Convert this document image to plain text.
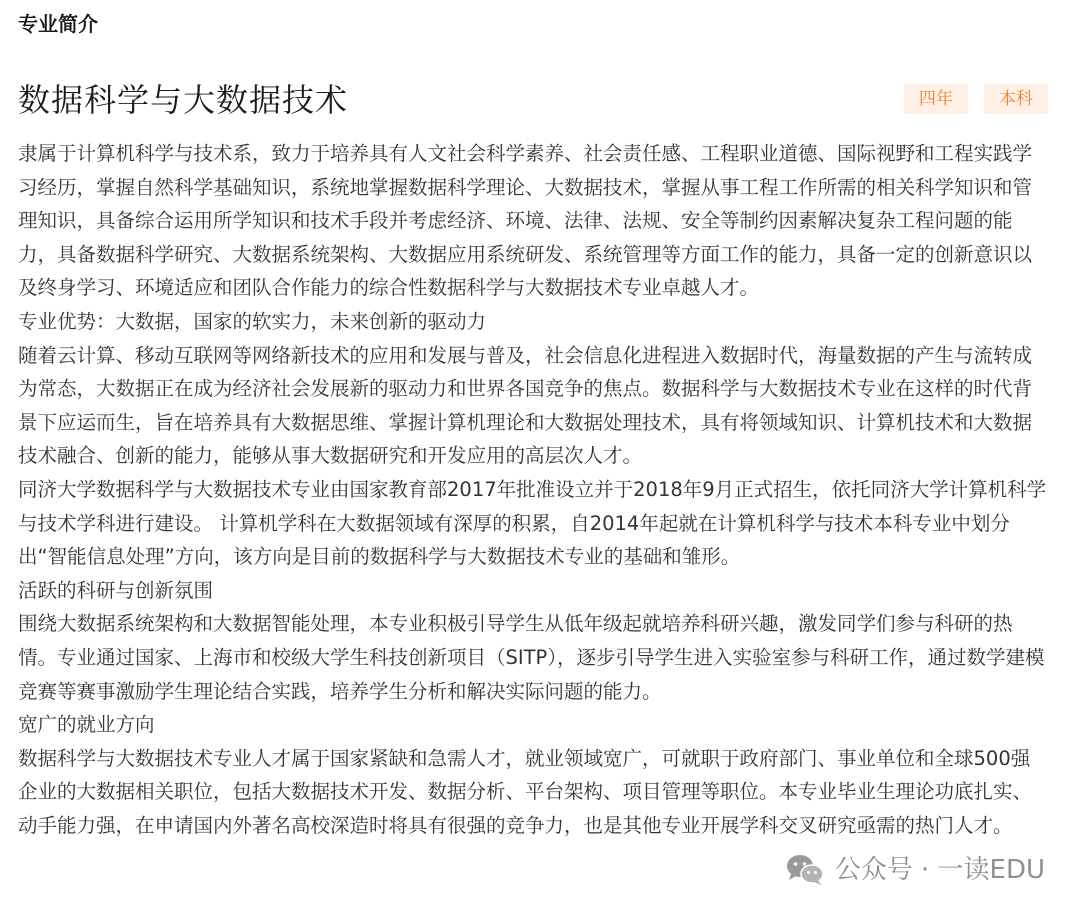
专业简介
数据科学与大数据技术	四年	本科

隶属于计算机科学与技术系，致力于培养具有人文社会科学素养、社会责任感、工程职业道德、国际视野和工程实践学习经历，掌握自然科学基础知识，系统地掌握数据科学理论、大数据技术，掌握从事工程工作所需的相关科学知识和管理知识，具备综合运用所学知识和技术手段并考虑经济、环境、法律、法规、安全等制约因素解决复杂工程问题的能力，具备数据科学研究、大数据系统架构、大数据应用系统研发、系统管理等方面工作的能力，具备一定的创新意识以及终身学习、环境适应和团队合作能力的综合性数据科学与大数据技术专业卓越人才。

专业优势：大数据，国家的软实力，未来创新的驱动力

随着云计算、移动互联网等网络新技术的应用和发展与普及，社会信息化进程进入数据时代，海量数据的产生与流转成为常态，大数据正在成为经济社会发展新的驱动力和世界各国竞争的焦点。数据科学与大数据技术专业在这样的时代背景下应运而生，旨在培养具有大数据思维、掌握计算机理论和大数据处理技术，具有将领域知识、计算机技术和大数据技术融合、创新的能力，能够从事大数据研究和开发应用的高层次人才。

同济大学数据科学与大数据技术专业由国家教育部2017年批准设立并于2018年9月正式招生，依托同济大学计算机科学与技术学科进行建设。 计算机学科在大数据领域有深厚的积累，自2014年起就在计算机科学与技术本科专业中划分出“智能信息处理”方向，该方向是目前的数据科学与大数据技术专业的基础和雏形。

活跃的科研与创新氛围

围绕大数据系统架构和大数据智能处理，本专业积极引导学生从低年级起就培养科研兴趣，激发同学们参与科研的热情。专业通过国家、上海市和校级大学生科技创新项目（SITP），逐步引导学生进入实验室参与科研工作，通过数学建模竞赛等赛事激励学生理论结合实践，培养学生分析和解决实际问题的能力。

宽广的就业方向

数据科学与大数据技术专业人才属于国家紧缺和急需人才，就业领域宽广，可就职于政府部门、事业单位和全球500强企业的大数据相关职位，包括大数据技术开发、数据分析、平台架构、项目管理等职位。本专业毕业生理论功底扎实、动手能力强，在申请国内外著名高校深造时将具有很强的竞争力，也是其他专业开展学科交叉研究亟需的热门人才。

公众号 · 一读EDU
